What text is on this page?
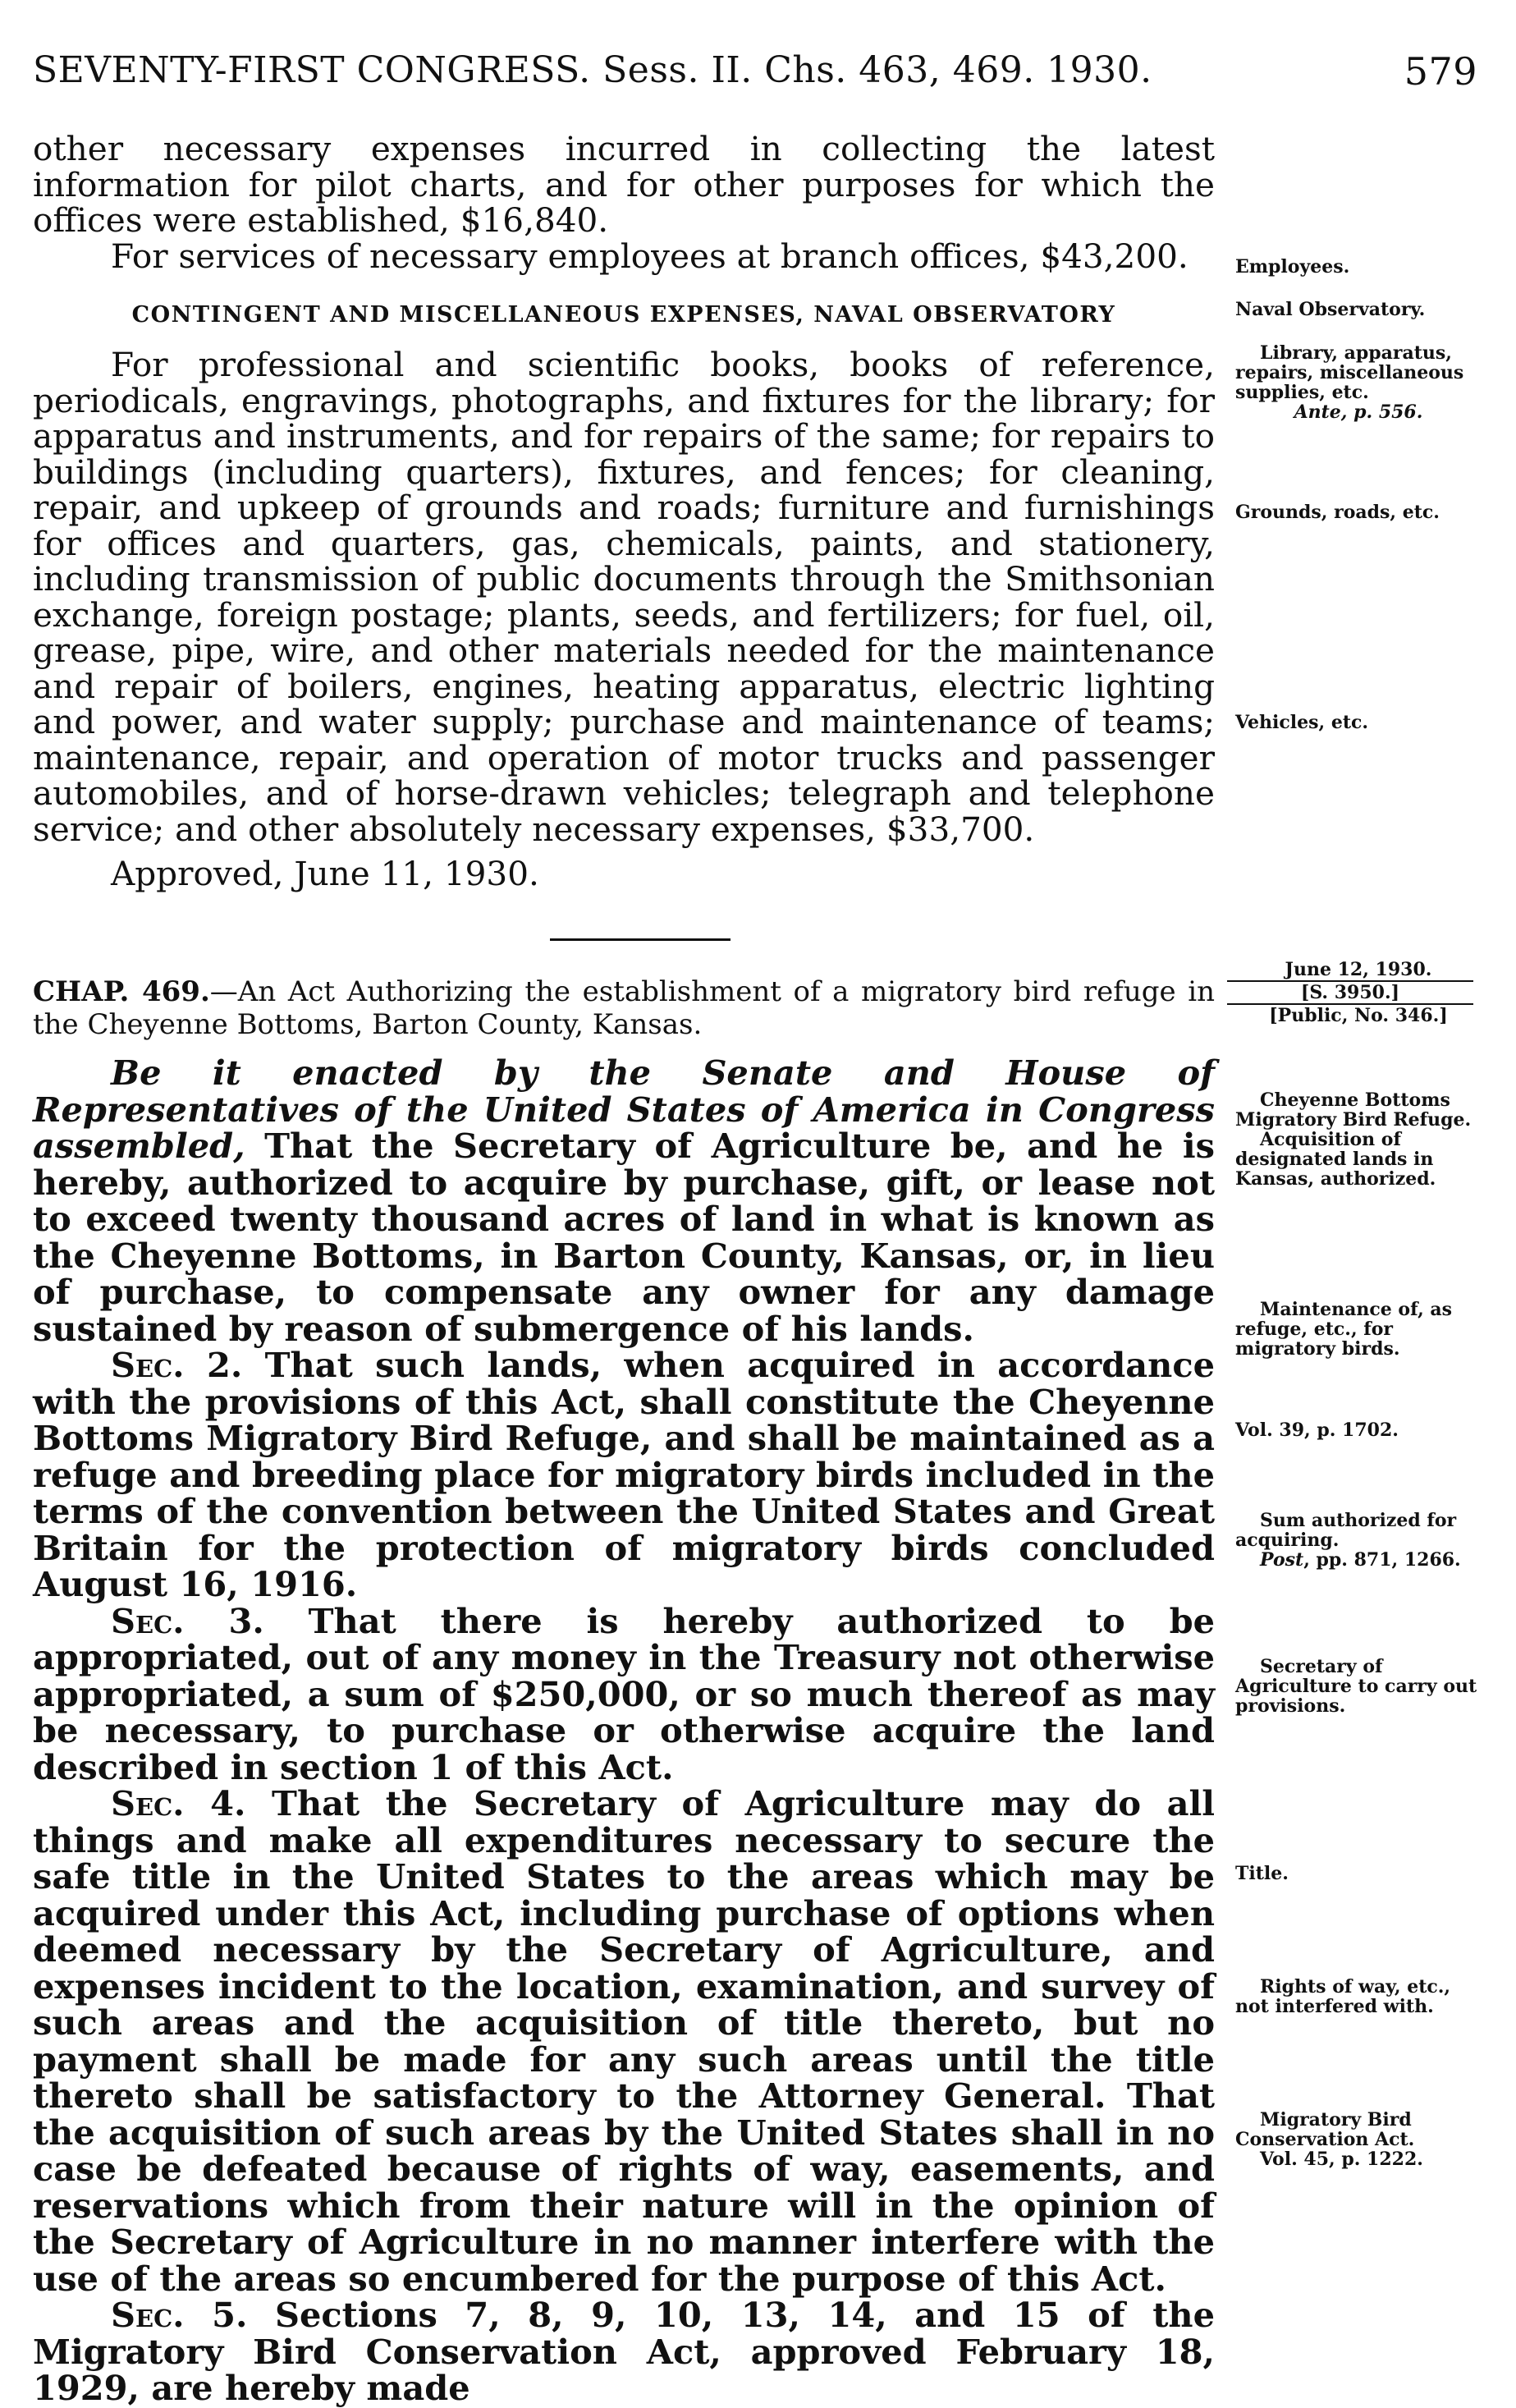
SEVENTY-FIRST CONGRESS. Sess. II. Chs. 463, 469. 1930.	579

other necessary expenses incurred in collecting the latest information for pilot charts, and for other purposes for which the offices were established, $16,840.

For services of necessary employees at branch offices, $43,200.

CONTINGENT AND MISCELLANEOUS EXPENSES, NAVAL OBSERVATORY

For professional and scientific books, books of reference, periodicals, engravings, photographs, and fixtures for the library; for apparatus and instruments, and for repairs of the same; for repairs to buildings (including quarters), fixtures, and fences; for cleaning, repair, and upkeep of grounds and roads; furniture and furnishings for offices and quarters, gas, chemicals, paints, and stationery, including transmission of public documents through the Smithsonian exchange, foreign postage; plants, seeds, and fertilizers; for fuel, oil, grease, pipe, wire, and other materials needed for the maintenance and repair of boilers, engines, heating apparatus, electric lighting and power, and water supply; purchase and maintenance of teams; maintenance, repair, and operation of motor trucks and passenger automobiles, and of horse-drawn vehicles; telegraph and telephone service; and other absolutely necessary expenses, $33,700.

Approved, June 11, 1930.
CHAP. 469.—An Act Authorizing the establishment of a migratory bird refuge in the Cheyenne Bottoms, Barton County, Kansas.

Be it enacted by the Senate and House of Representatives of the United States of America in Congress assembled, That the Secretary of Agriculture be, and he is hereby, authorized to acquire by purchase, gift, or lease not to exceed twenty thousand acres of land in what is known as the Cheyenne Bottoms, in Barton County, Kansas, or, in lieu of purchase, to compensate any owner for any damage sustained by reason of submergence of his lands.

Sec. 2. That such lands, when acquired in accordance with the provisions of this Act, shall constitute the Cheyenne Bottoms Migratory Bird Refuge, and shall be maintained as a refuge and breeding place for migratory birds included in the terms of the convention between the United States and Great Britain for the protection of migratory birds concluded August 16, 1916.

Sec. 3. That there is hereby authorized to be appropriated, out of any money in the Treasury not otherwise appropriated, a sum of $250,000, or so much thereof as may be necessary, to purchase or otherwise acquire the land described in section 1 of this Act.

Sec. 4. That the Secretary of Agriculture may do all things and make all expenditures necessary to secure the safe title in the United States to the areas which may be acquired under this Act, including purchase of options when deemed necessary by the Secretary of Agriculture, and expenses incident to the location, examination, and survey of such areas and the acquisition of title thereto, but no payment shall be made for any such areas until the title thereto shall be satisfactory to the Attorney General. That the acquisition of such areas by the United States shall in no case be defeated because of rights of way, easements, and reservations which from their nature will in the opinion of the Secretary of Agriculture in no manner interfere with the use of the areas so encumbered for the purpose of this Act.

Sec. 5. Sections 7, 8, 9, 10, 13, 14, and 15 of the Migratory Bird Conservation Act, approved February 18, 1929, are hereby made

Employees.
Naval Observatory.
Library, apparatus, repairs, miscellaneous supplies, etc.
Ante, p. 556.
Grounds, roads, etc.
Vehicles, etc.
June 12, 1930.
[S. 3950.]
[Public, No. 346.]
Cheyenne Bottoms Migratory Bird Refuge.
Acquisition of designated lands in Kansas, authorized.
Maintenance of, as refuge, etc., for migratory birds.
Vol. 39, p. 1702.
Sum authorized for acquiring.
Post, pp. 871, 1266.
Secretary of Agriculture to carry out provisions.
Title.
Rights of way, etc., not interfered with.
Migratory Bird Conservation Act.
Vol. 45, p. 1222.
